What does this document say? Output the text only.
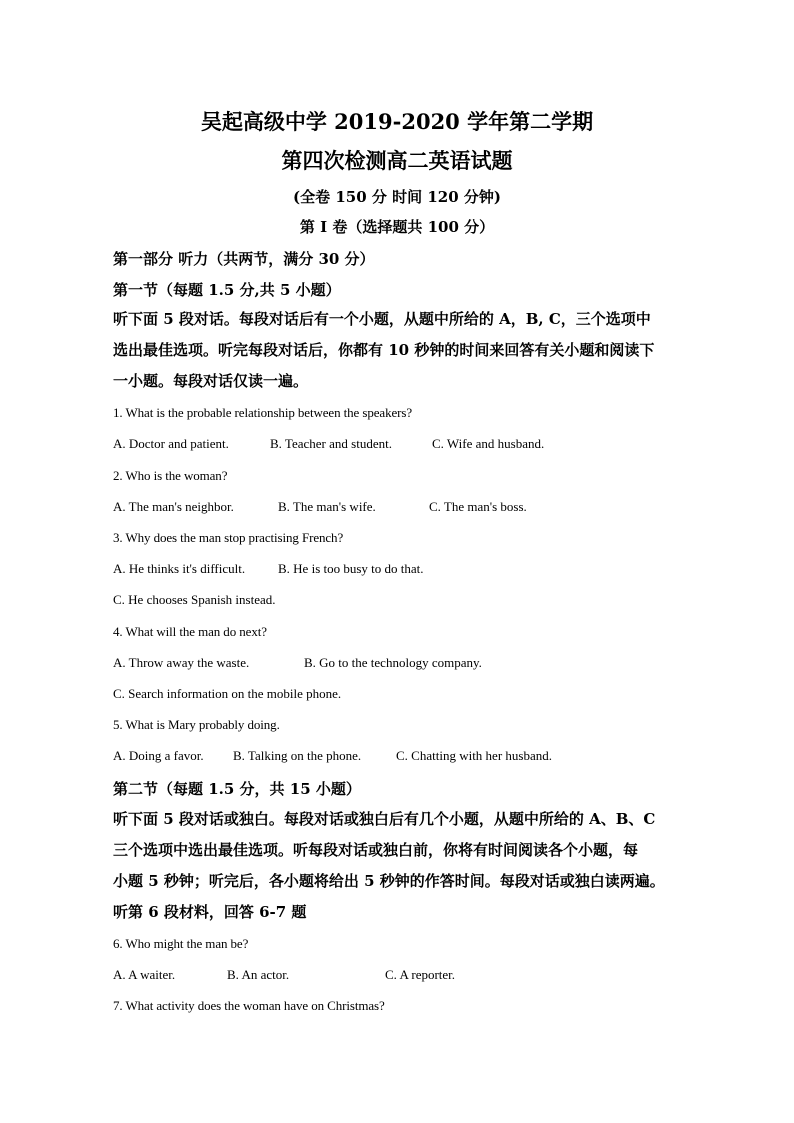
吴起高级中学 2019-2020 学年第二学期
第四次检测高二英语试题
(全卷 150 分 时间 120 分钟)
第 I 卷（选择题共 100 分）
第一部分 听力（共两节，满分 30 分）
第一节（每题 1.5 分,共 5 小题）
听下面 5 段对话。每段对话后有一个小题，从题中所给的 A，B, C，三个选项中
选出最佳选项。听完每段对话后，你都有 10 秒钟的时间来回答有关小题和阅读下
一小题。每段对话仅读一遍。
1. What is the probable relationship between the speakers?
A. Doctor and patient.	B. Teacher and student.	C. Wife and husband.
2. Who is the woman?
A. The man's neighbor.	B. The man's wife.	C. The man's boss.
3. Why does the man stop practising French?
A. He thinks it's difficult.	B. He is too busy to do that.
C. He chooses Spanish instead.
4. What will the man do next?
A. Throw away the waste.	B. Go to the technology company.
C. Search information on the mobile phone.
5. What is Mary probably doing.
A. Doing a favor. B. Talking on the phone.	C. Chatting with her husband.
第二节（每题 1.5 分，共 15 小题）
听下面 5 段对话或独白。每段对话或独白后有几个小题，从题中所给的 A、B、C
三个选项中选出最佳选项。听每段对话或独白前，你将有时间阅读各个小题，每
小题 5 秒钟；听完后，各小题将给出 5 秒钟的作答时间。每段对话或独白读两遍。
听第 6 段材料，回答 6-7 题
6. Who might the man be?
A. A waiter.	B. An actor.	C. A reporter.
7. What activity does the woman have on Christmas?
